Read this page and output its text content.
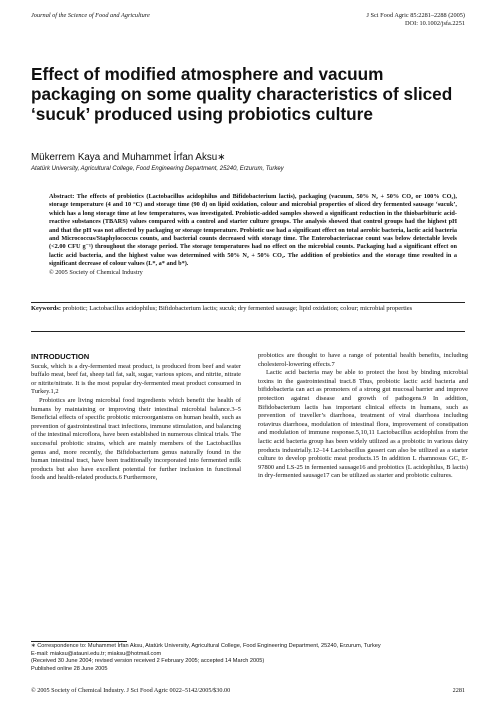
Journal of the Science of Food and Agriculture	J Sci Food Agric 85:2281–2288 (2005)
DOI: 10.1002/jsfa.2251
Effect of modified atmosphere and vacuum packaging on some quality characteristics of sliced ‘sucuk’ produced using probiotics culture
Mükerrem Kaya and Muhammet İrfan Aksu∗
Atatürk University, Agricultural College, Food Engineering Department, 25240, Erzurum, Turkey
Abstract: The effects of probiotics (Lactobacillus acidophilus and Bifidobacterium lactis), packaging (vacuum, 50% N₂ + 50% CO₂ or 100% CO₂), storage temperature (4 and 10 °C) and storage time (90 d) on lipid oxidation, colour and microbial properties of sliced dry fermented sausage ‘sucuk’, which has a long storage time at low temperatures, was investigated. Probiotic-added samples showed a significant reduction in the thiobarbituric acid-reactive substances (TBARS) values compared with a control and starter culture groups. The analysis showed that control groups had the highest pH and that the pH was not affected by packaging or storage temperature. Probiotic use had a significant effect on total aerobic bacteria, lactic acid bacteria and Micrococcus/Staphylococcus counts, and bacterial counts decreased with storage time. The Enterobacteriaceae count was below detectable levels (<2.00 CFU g⁻¹) throughout the storage period. The storage temperatures had no effect on the microbial counts. Packaging had a significant effect on lactic acid bacteria, and the highest value was determined with 50% N₂ + 50% CO₂. The addition of probiotics and the storage time resulted in a significant decrease of colour values (L*, a* and b*).
© 2005 Society of Chemical Industry
Keywords: probiotic; Lactobacillus acidophilus; Bifidobacterium lactis; sucuk; dry fermented sausage; lipid oxidation; colour; microbial properties
INTRODUCTION

Sucuk, which is a dry-fermented meat product, is produced from beef and water buffalo meat, beef fat, sheep tail fat, salt, sugar, various spices, and nitrite, nitrate or nitrite/nitrate. It is the most popular dry-fermented meat product consumed in Turkey.1,2

Probiotics are living microbial food ingredients which benefit the health of humans by maintaining or improving their intestinal microbial balance.3–5 Beneficial effects of specific probiotic microorganisms on human health, such as prevention of gastrointestinal tract infections, immune stimulation, and balancing of the intestinal microflora, have been established in numerous clinical trials. The successful probiotic strains, which are mainly members of the Lactobacillus genus and, more recently, the Bifidobacterium genus naturally found in the human intestinal tract, have been traditionally incorporated into fermented milk products but also have excellent potential for further inclusion in functional foods and health-related products.6 Furthermore,

probiotics are thought to have a range of potential health benefits, including cholesterol-lowering effects.7

Lactic acid bacteria may be able to protect the host by binding microbial toxins in the gastrointestinal tract.8 Thus, probiotic lactic acid bacteria and bifidobacteria can act as promoters of a strong gut mucosal barrier and improve protection against disease and growth of pathogens.9 In addition, Bifidobacterium lactis has important clinical effects in humans, such as prevention of traveller’s diarrhoea, treatment of viral diarrhoea including rotavirus diarrhoea, modulation of intestinal flora, improvement of constipation and modulation of immune response.5,10,11 Lactobacillus acidophilus from the lactic acid bacteria group has been widely utilized as a probiotic in various dairy products industrially.12–14 Lactobacillus gasseri can also be utilized as a starter culture to develop probiotic meat products.15 In addition L rhamnosus GC, E-97800 and LS-25 in fermented sausage16 and probiotics (L acidophilus, B lactis) in dry-fermented sausage17 can be utilized as starter and probiotic cultures.

∗ Correspondence to: Muhammet İrfan Aksu, Atatürk University, Agricultural College, Food Engineering Department, 25240, Erzurum, Turkey
E-mail: miaksu@atauni.edu.tr; miaksu@hotmail.com
(Received 30 June 2004; revised version received 2 February 2005; accepted 14 March 2005)
Published online 28 June 2005
© 2005 Society of Chemical Industry. J Sci Food Agric 0022–5142/2005/$30.00	2281
